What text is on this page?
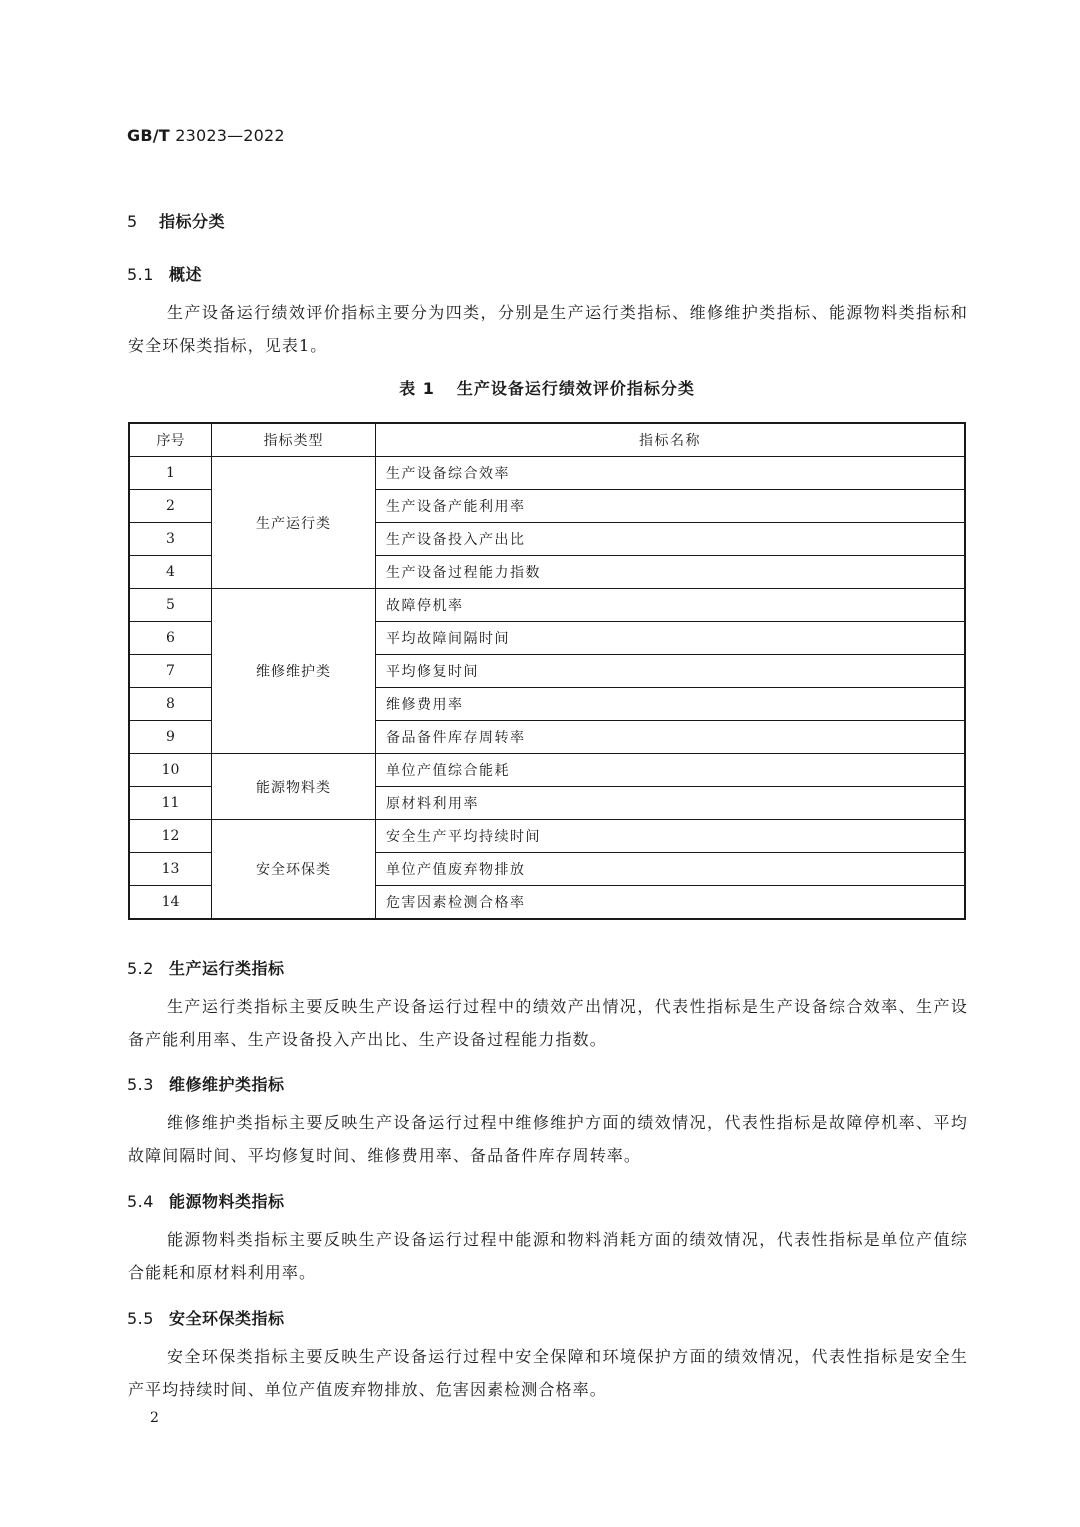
GB/T 23023—2022
5 指标分类
5.1 概述
生产设备运行绩效评价指标主要分为四类，分别是生产运行类指标、维修维护类指标、能源物料类指标和安全环保类指标，见表1。
表 1 生产设备运行绩效评价指标分类
序号	指标类型	指标名称
1	生产运行类	生产设备综合效率
2		生产设备产能利用率
3		生产设备投入产出比
4		生产设备过程能力指数
5	维修维护类	故障停机率
6		平均故障间隔时间
7		平均修复时间
8		维修费用率
9		备品备件库存周转率
10	能源物料类	单位产值综合能耗
11		原材料利用率
12	安全环保类	安全生产平均持续时间
13		单位产值废弃物排放
14		危害因素检测合格率
5.2 生产运行类指标
生产运行类指标主要反映生产设备运行过程中的绩效产出情况，代表性指标是生产设备综合效率、生产设备产能利用率、生产设备投入产出比、生产设备过程能力指数。
5.3 维修维护类指标
维修维护类指标主要反映生产设备运行过程中维修维护方面的绩效情况，代表性指标是故障停机率、平均故障间隔时间、平均修复时间、维修费用率、备品备件库存周转率。
5.4 能源物料类指标
能源物料类指标主要反映生产设备运行过程中能源和物料消耗方面的绩效情况，代表性指标是单位产值综合能耗和原材料利用率。
5.5 安全环保类指标
安全环保类指标主要反映生产设备运行过程中安全保障和环境保护方面的绩效情况，代表性指标是安全生产平均持续时间、单位产值废弃物排放、危害因素检测合格率。
2
